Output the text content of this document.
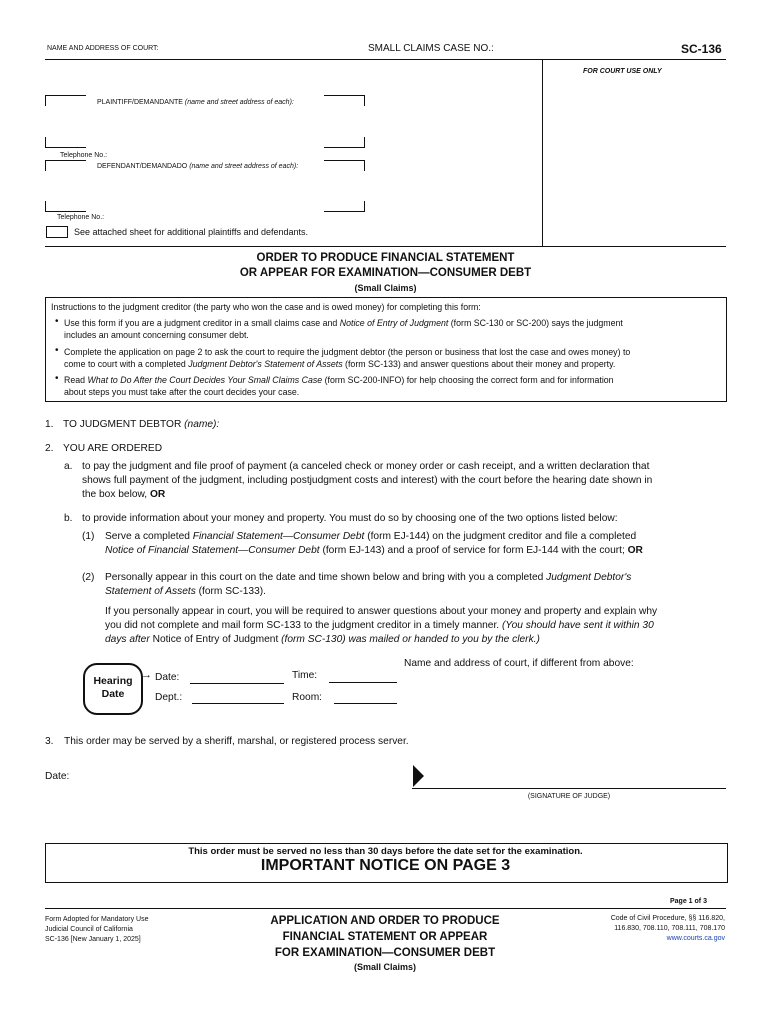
NAME AND ADDRESS OF COURT:	SMALL CLAIMS CASE NO.:	SC-136
FOR COURT USE ONLY
PLAINTIFF/DEMANDANTE (name and street address of each):
Telephone No.:
DEFENDANT/DEMANDADO (name and street address of each):
Telephone No.:
See attached sheet for additional plaintiffs and defendants.
ORDER TO PRODUCE FINANCIAL STATEMENT
OR APPEAR FOR EXAMINATION—CONSUMER DEBT
(Small Claims)
Instructions to the judgment creditor (the party who won the case and is owed money) for completing this form:
• Use this form if you are a judgment creditor in a small claims case and Notice of Entry of Judgment (form SC-130 or SC-200) says the judgment
includes an amount concerning consumer debt.
• Complete the application on page 2 to ask the court to require the judgment debtor (the person or business that lost the case and owes money) to
come to court with a completed Judgment Debtor's Statement of Assets (form SC-133) and answer questions about their money and property.
• Read What to Do After the Court Decides Your Small Claims Case (form SC-200-INFO) for help choosing the correct form and for information
about steps you must take after the court decides your case.
1. TO JUDGMENT DEBTOR (name):
2. YOU ARE ORDERED
a. to pay the judgment and file proof of payment (a canceled check or money order or cash receipt, and a written declaration that
shows full payment of the judgment, including postjudgment costs and interest) with the court before the hearing date shown in
the box below, OR
b. to provide information about your money and property. You must do so by choosing one of the two options listed below:
(1) Serve a completed Financial Statement—Consumer Debt (form EJ-144) on the judgment creditor and file a completed
Notice of Financial Statement—Consumer Debt (form EJ-143) and a proof of service for form EJ-144 with the court; OR
(2) Personally appear in this court on the date and time shown below and bring with you a completed Judgment Debtor's
Statement of Assets (form SC-133).
If you personally appear in court, you will be required to answer questions about your money and property and explain why
you did not complete and mail form SC-133 to the judgment creditor in a timely manner. (You should have sent it within 30
days after Notice of Entry of Judgment (form SC-130) was mailed or handed to you by the clerk.)
Hearing
Date
→ Date:	Time:
Dept.:	Room:
Name and address of court, if different from above:
3. This order may be served by a sheriff, marshal, or registered process server.
Date:
(SIGNATURE OF JUDGE)
This order must be served no less than 30 days before the date set for the examination.
IMPORTANT NOTICE ON PAGE 3
Page 1 of 3
Form Adopted for Mandatory Use
Judicial Council of California
SC-136 [New January 1, 2025]
APPLICATION AND ORDER TO PRODUCE
FINANCIAL STATEMENT OR APPEAR
FOR EXAMINATION—CONSUMER DEBT
(Small Claims)
Code of Civil Procedure, §§ 116.820,
116.830, 708.110, 708.111, 708.170
www.courts.ca.gov
